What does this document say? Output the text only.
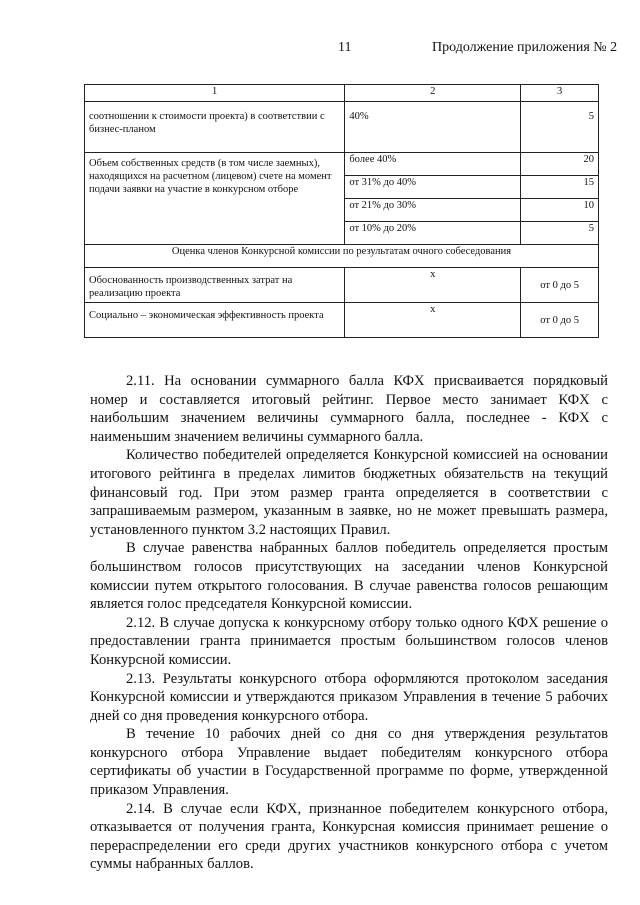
11	Продолжение приложения № 2
1	2	3

соотношении к стоимости проекта) в соответствии с бизнес-планом	40%	5

Объем собственных средств (в том числе заемных), находящихся на расчетном (лицевом) счете на момент подачи заявки на участие в конкурсном отборе	более 40%	20
	от 31% до 40%	15
	от 21% до 30%	10
	от 10% до 20%	5
Оценка членов Конкурсной комиссии по результатам очного собеседования		

Обоснованность производственных затрат на реализацию проекта	х	от 0 до 5

Социально – экономическая эффективность проекта	х	от 0 до 5

2.11. На основании суммарного балла КФХ присваивается порядковый номер и составляется итоговый рейтинг. Первое место занимает КФХ с наибольшим значением величины суммарного балла, последнее - КФХ с наименьшим значением величины суммарного балла.

Количество победителей определяется Конкурсной комиссией на основании итогового рейтинга в пределах лимитов бюджетных обязательств на текущий финансовый год. При этом размер гранта определяется в соответствии с запрашиваемым размером, указанным в заявке, но не может превышать размера, установленного пунктом 3.2 настоящих Правил.

В случае равенства набранных баллов победитель определяется простым большинством голосов присутствующих на заседании членов Конкурсной комиссии путем открытого голосования. В случае равенства голосов решающим является голос председателя Конкурсной комиссии.

2.12. В случае допуска к конкурсному отбору только одного КФХ решение о предоставлении гранта принимается простым большинством голосов членов Конкурсной комиссии.

2.13. Результаты конкурсного отбора оформляются протоколом заседания Конкурсной комиссии и утверждаются приказом Управления в течение 5 рабочих дней со дня проведения конкурсного отбора.

В течение 10 рабочих дней со дня со дня утверждения результатов конкурсного отбора Управление выдает победителям конкурсного отбора сертификаты об участии в Государственной программе по форме, утвержденной приказом Управления.

2.14. В случае если КФХ, признанное победителем конкурсного отбора, отказывается от получения гранта, Конкурсная комиссия принимает решение о перераспределении его среди других участников конкурсного отбора с учетом суммы набранных баллов.
